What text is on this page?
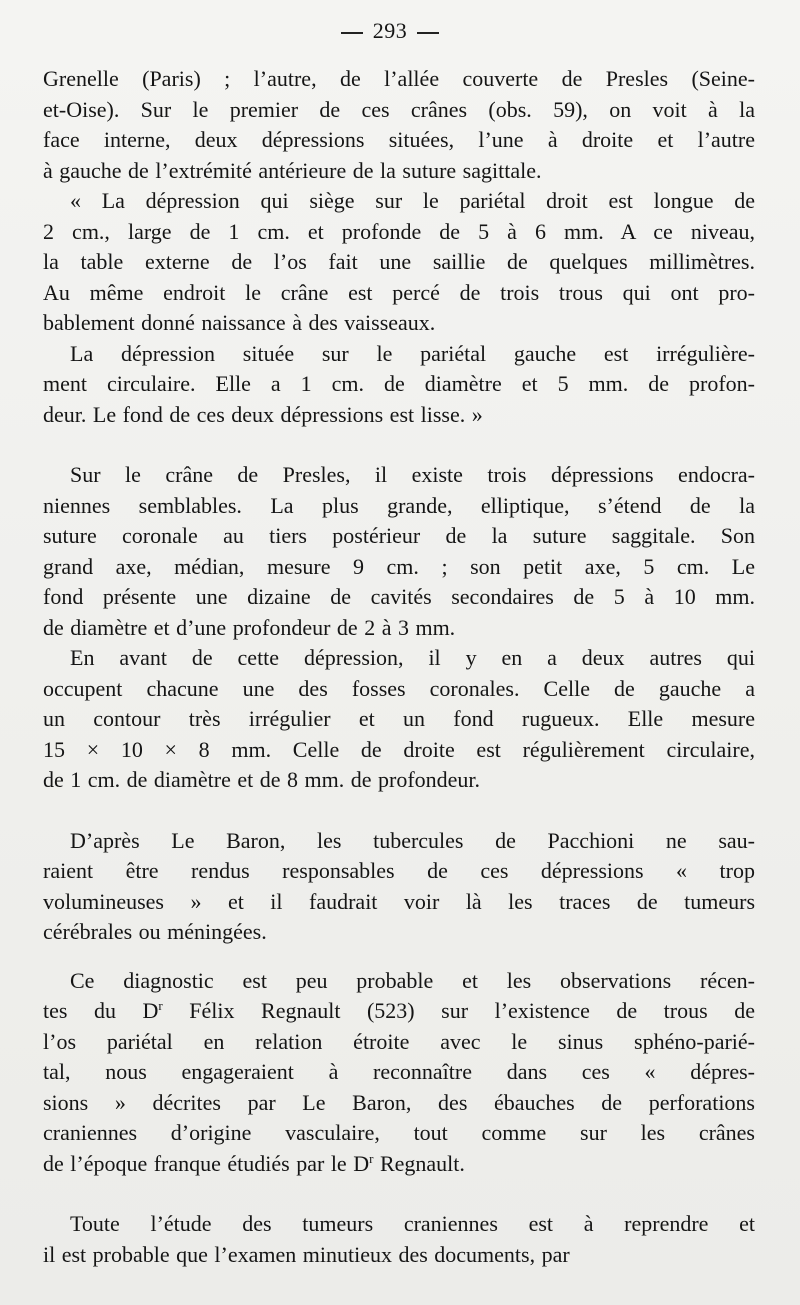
293
Grenelle (Paris) ; l’autre, de l’allée couverte de Presles (Seine-
et-Oise). Sur le premier de ces crânes (obs. 59), on voit à la
face interne, deux dépressions situées, l’une à droite et l’autre
à gauche de l’extrémité antérieure de la suture sagittale.
« La dépression qui siège sur le pariétal droit est longue de
2 cm., large de 1 cm. et profonde de 5 à 6 mm. A ce niveau,
la table externe de l’os fait une saillie de quelques millimètres.
Au même endroit le crâne est percé de trois trous qui ont pro-
bablement donné naissance à des vaisseaux.
La dépression située sur le pariétal gauche est irrégulière-
ment circulaire. Elle a 1 cm. de diamètre et 5 mm. de profon-
deur. Le fond de ces deux dépressions est lisse. »
Sur le crâne de Presles, il existe trois dépressions endocra-
niennes semblables. La plus grande, elliptique, s’étend de la
suture coronale au tiers postérieur de la suture saggitale. Son
grand axe, médian, mesure 9 cm. ; son petit axe, 5 cm. Le
fond présente une dizaine de cavités secondaires de 5 à 10 mm.
de diamètre et d’une profondeur de 2 à 3 mm.
En avant de cette dépression, il y en a deux autres qui
occupent chacune une des fosses coronales. Celle de gauche a
un contour très irrégulier et un fond rugueux. Elle mesure
15 × 10 × 8 mm. Celle de droite est régulièrement circulaire,
de 1 cm. de diamètre et de 8 mm. de profondeur.
D’après Le Baron, les tubercules de Pacchioni ne sau-
raient être rendus responsables de ces dépressions « trop
volumineuses » et il faudrait voir là les traces de tumeurs
cérébrales ou méningées.
Ce diagnostic est peu probable et les observations récen-
tes du $D^r$ Félix Regnault (523) sur l’existence de trous de
l’os pariétal en relation étroite avec le sinus sphéno-parié-
tal, nous engageraient à reconnaître dans ces « dépres-
sions » décrites par Le Baron, des ébauches de perforations
craniennes d’origine vasculaire, tout comme sur les crânes
de l’époque franque étudiés par le $D^r$ Regnault.
Toute l’étude des tumeurs craniennes est à reprendre et
il est probable que l’examen minutieux des documents, par
